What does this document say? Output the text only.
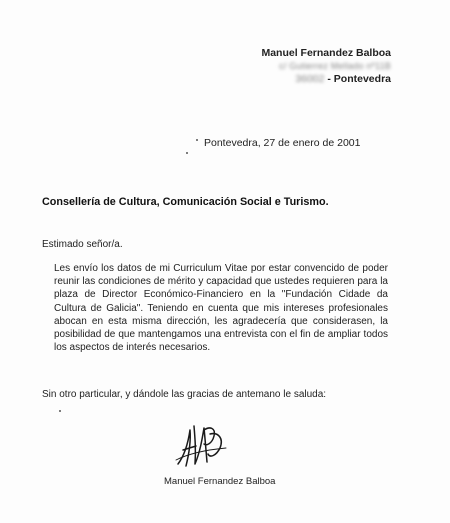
Manuel Fernandez Balboa
c/ Gutierrez Mellado nº11B
36002 - Pontevedra
Pontevedra, 27 de enero de 2001
Consellería de Cultura, Comunicación Social e Turismo.
Estimado señor/a.

Les envío los datos de mi Curriculum Vitae por estar convencido de poder reunir las condiciones de mérito y capacidad que ustedes requieren para la plaza de Director Económico-Financiero en la "Fundación Cidade da Cultura de Galicia". Teniendo en cuenta que mis intereses profesionales abocan en esta misma dirección, les agradecería que considerasen, la posibilidad de que mantengamos una entrevista con el fin de ampliar todos los aspectos de interés necesarios.

Sin otro particular, y dándole las gracias de antemano le saluda:
Manuel Fernandez Balboa
